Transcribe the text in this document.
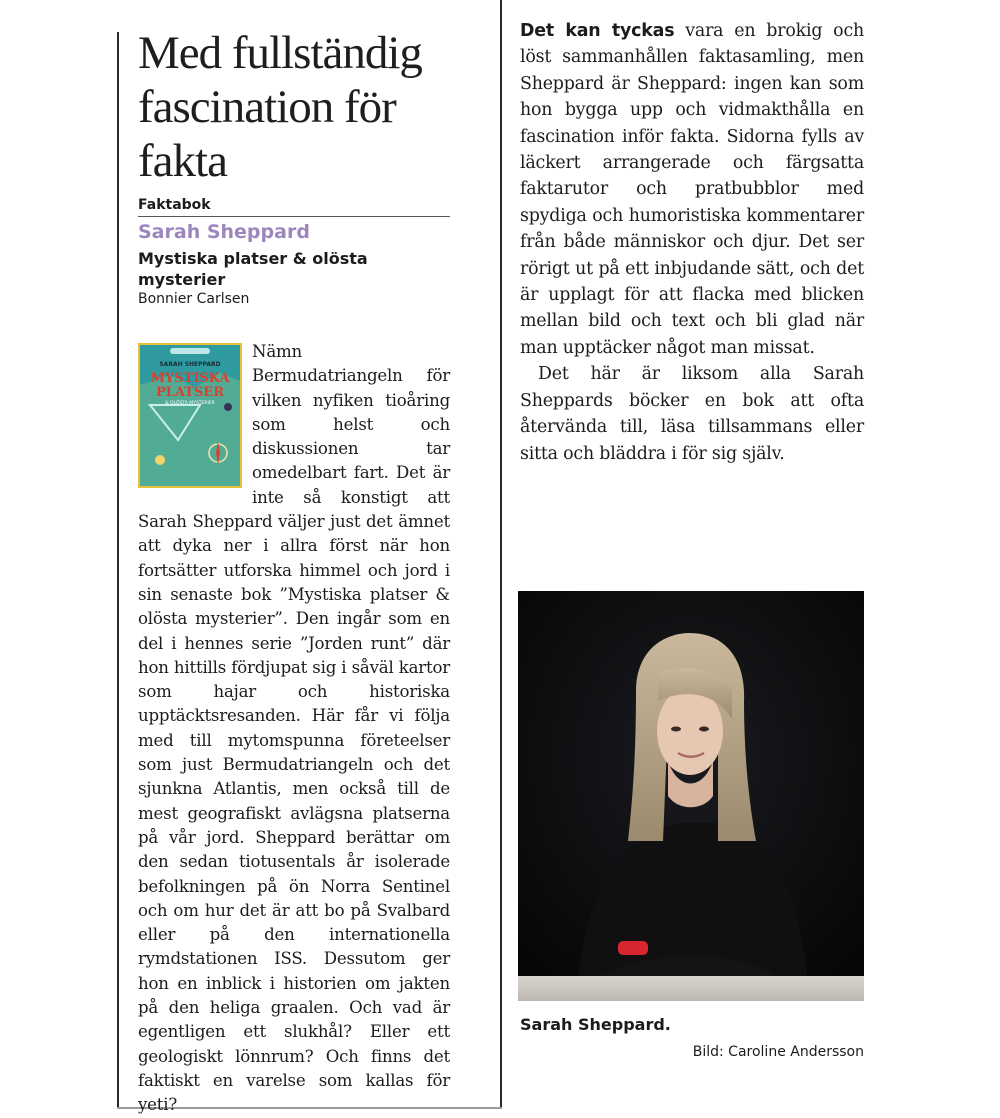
Med fullständig fascination för fakta
Faktabok
Sarah Sheppard
Mystiska platser & olösta mysterier
Bonnier Carlsen
SARAH SHEPPARD
MYSTISKA
PLATSER
& OLÖSTA MYSTERIER
Nämn Bermudatriangeln för vilken nyfiken tioåring som helst och diskussionen tar omedelbart fart. Det är inte så konstigt att Sarah Sheppard väljer just det ämnet att dyka ner i allra först när hon fortsätter utforska himmel och jord i sin senaste bok ”Mystiska platser & olösta mysterier”. Den ingår som en del i hennes serie ”Jorden runt” där hon hittills fördjupat sig i såväl kartor som hajar och historiska upptäcktsresanden. Här får vi följa med till mytomspunna företeelser som just Bermudatriangeln och det sjunkna Atlantis, men också till de mest geografiskt avlägsna platserna på vår jord. Sheppard berättar om den sedan tiotusentals år isolerade befolkningen på ön Norra Sentinel och om hur det är att bo på Svalbard eller på den internationella rymdstationen ISS. Dessutom ger hon en inblick i historien om jakten på den heliga graalen. Och vad är egentligen ett slukhål? Eller ett geologiskt lönnrum? Och finns det faktiskt en varelse som kallas för yeti?

Det kan tyckas vara en brokig och löst sammanhållen faktasamling, men Sheppard är Sheppard: ingen kan som hon bygga upp och vidmakthålla en fascination inför fakta. Sidorna fylls av läckert arrangerade och färgsatta faktarutor och pratbubblor med spydiga och humoristiska kommentarer från både människor och djur. Det ser rörigt ut på ett inbjudande sätt, och det är upplagt för att flacka med blicken mellan bild och text och bli glad när man upptäcker något man missat.

Det här är liksom alla Sarah Sheppards böcker en bok att ofta återvända till, läsa tillsammans eller sitta och bläddra i för sig själv.

Sarah Sheppard.
Bild: Caroline Andersson
